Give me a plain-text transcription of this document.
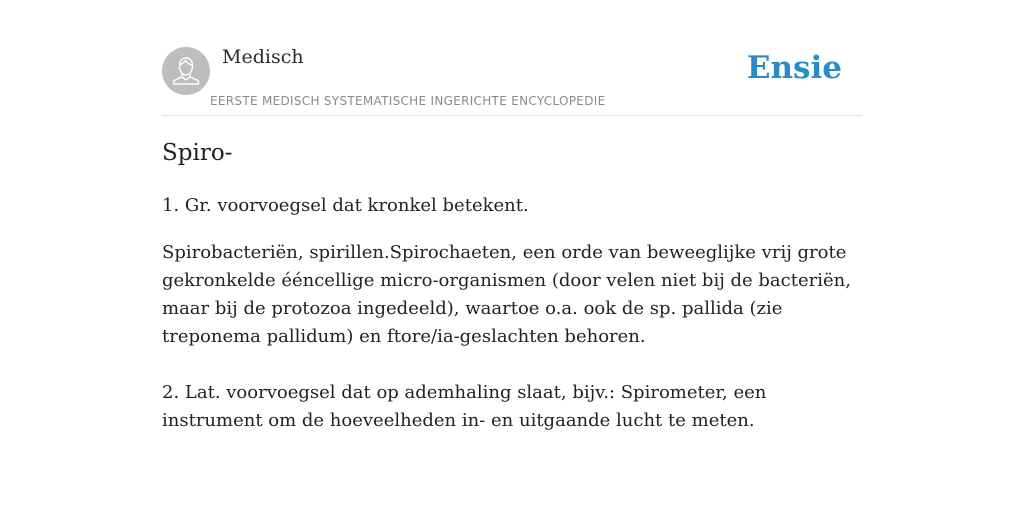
Medisch
EERSTE MEDISCH SYSTEMATISCHE INGERICHTE ENCYCLOPEDIE
Ensie
Spiro-

1. Gr. voorvoegsel dat kronkel betekent.

Spirobacteriën, spirillen.Spirochaeten, een orde van beweeglijke vrij grote gekronkelde ééncellige micro-organismen (door velen niet bij de bacteriën, maar bij de protozoa ingedeeld), waartoe o.a. ook de sp. pallida (zie treponema pallidum) en ftore/ia-geslachten behoren.

2. Lat. voorvoegsel dat op ademhaling slaat, bijv.: Spirometer, een instrument om de hoeveelheden in- en uitgaande lucht te meten.
